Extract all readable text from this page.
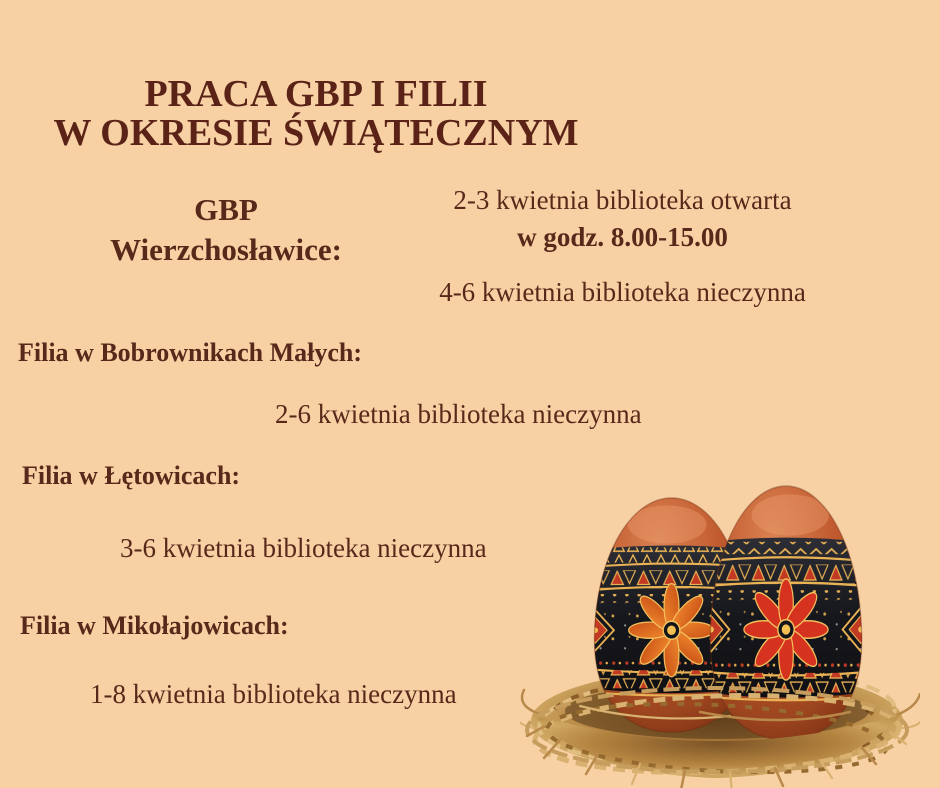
PRACA GBP I FILII
W OKRESIE ŚWIĄTECZNYM
GBP
Wierzchosławice:

2-3 kwietnia biblioteka otwarta

w godz. 8.00-15.00

4-6 kwietnia biblioteka nieczynna

Filia w Bobrownikach Małych:
2-6 kwietnia biblioteka nieczynna
Filia w Łętowicach:
3-6 kwietnia biblioteka nieczynna
Filia w Mikołajowicach:
1-8 kwietnia biblioteka nieczynna
